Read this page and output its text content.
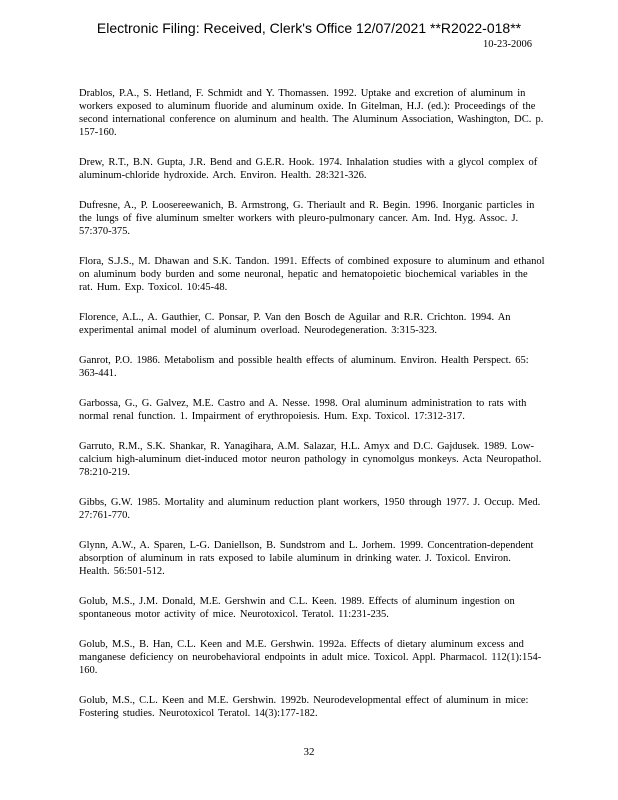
Electronic Filing: Received, Clerk's Office 12/07/2021 **R2022-018**
10-23-2006

Drablos, P.A., S. Hetland, F. Schmidt and Y. Thomassen. 1992. Uptake and excretion of aluminum in workers exposed to aluminum fluoride and aluminum oxide. In Gitelman, H.J. (ed.): Proceedings of the second international conference on aluminum and health. The Aluminum Association, Washington, DC. p. 157-160.

Drew, R.T., B.N. Gupta, J.R. Bend and G.E.R. Hook. 1974. Inhalation studies with a glycol complex of aluminum-chloride hydroxide. Arch. Environ. Health. 28:321-326.

Dufresne, A., P. Loosereewanich, B. Armstrong, G. Theriault and R. Begin. 1996. Inorganic particles in the lungs of five aluminum smelter workers with pleuro-pulmonary cancer. Am. Ind. Hyg. Assoc. J. 57:370-375.

Flora, S.J.S., M. Dhawan and S.K. Tandon. 1991. Effects of combined exposure to aluminum and ethanol on aluminum body burden and some neuronal, hepatic and hematopoietic biochemical variables in the rat. Hum. Exp. Toxicol. 10:45-48.

Florence, A.L., A. Gauthier, C. Ponsar, P. Van den Bosch de Aguilar and R.R. Crichton. 1994. An experimental animal model of aluminum overload. Neurodegeneration. 3:315-323.

Ganrot, P.O. 1986. Metabolism and possible health effects of aluminum. Environ. Health Perspect. 65: 363-441.

Garbossa, G., G. Galvez, M.E. Castro and A. Nesse. 1998. Oral aluminum administration to rats with normal renal function. 1. Impairment of erythropoiesis. Hum. Exp. Toxicol. 17:312-317.

Garruto, R.M., S.K. Shankar, R. Yanagihara, A.M. Salazar, H.L. Amyx and D.C. Gajdusek. 1989. Low-calcium high-aluminum diet-induced motor neuron pathology in cynomolgus monkeys. Acta Neuropathol. 78:210-219.

Gibbs, G.W. 1985. Mortality and aluminum reduction plant workers, 1950 through 1977. J. Occup. Med. 27:761-770.

Glynn, A.W., A. Sparen, L-G. Daniellson, B. Sundstrom and L. Jorhem. 1999. Concentration-dependent absorption of aluminum in rats exposed to labile aluminum in drinking water. J. Toxicol. Environ. Health. 56:501-512.

Golub, M.S., J.M. Donald, M.E. Gershwin and C.L. Keen. 1989. Effects of aluminum ingestion on spontaneous motor activity of mice. Neurotoxicol. Teratol. 11:231-235.

Golub, M.S., B. Han, C.L. Keen and M.E. Gershwin. 1992a. Effects of dietary aluminum excess and manganese deficiency on neurobehavioral endpoints in adult mice. Toxicol. Appl. Pharmacol. 112(1):154-160.

Golub, M.S., C.L. Keen and M.E. Gershwin. 1992b. Neurodevelopmental effect of aluminum in mice: Fostering studies. Neurotoxicol Teratol. 14(3):177-182.

32
